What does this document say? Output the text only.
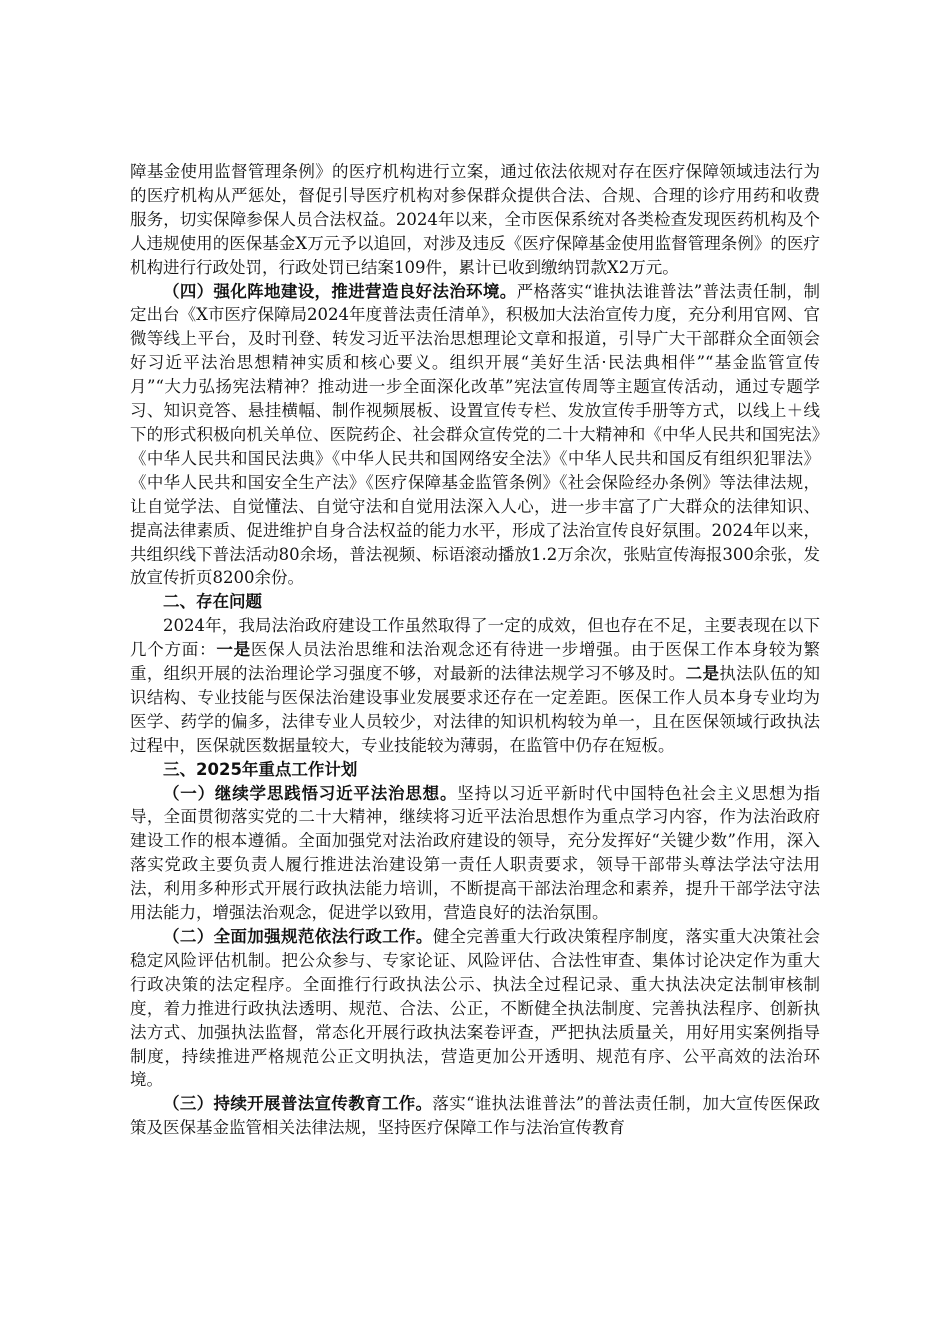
障基金使用监督管理条例》的医疗机构进行立案，通过依法依规对存在医疗保障领域违法行为的医疗机构从严惩处，督促引导医疗机构对参保群众提供合法、合规、合理的诊疗用药和收费服务，切实保障参保人员合法权益。2024年以来，全市医保系统对各类检查发现医药机构及个人违规使用的医保基金X万元予以追回，对涉及违反《医疗保障基金使用监督管理条例》的医疗机构进行行政处罚，行政处罚已结案109件，累计已收到缴纳罚款X2万元。

（四）强化阵地建设，推进营造良好法治环境。严格落实“谁执法谁普法”普法责任制，制定出台《X市医疗保障局2024年度普法责任清单》，积极加大法治宣传力度，充分利用官网、官微等线上平台，及时刊登、转发习近平法治思想理论文章和报道，引导广大干部群众全面领会好习近平法治思想精神实质和核心要义。组织开展“美好生活·民法典相伴”“基金监管宣传月”“大力弘扬宪法精神？推动进一步全面深化改革”宪法宣传周等主题宣传活动，通过专题学习、知识竞答、悬挂横幅、制作视频展板、设置宣传专栏、发放宣传手册等方式，以线上＋线下的形式积极向机关单位、医院药企、社会群众宣传党的二十大精神和《中华人民共和国宪法》《中华人民共和国民法典》《中华人民共和国网络安全法》《中华人民共和国反有组织犯罪法》《中华人民共和国安全生产法》《医疗保障基金监管条例》《社会保险经办条例》等法律法规，让自觉学法、自觉懂法、自觉守法和自觉用法深入人心，进一步丰富了广大群众的法律知识、提高法律素质、促进维护自身合法权益的能力水平，形成了法治宣传良好氛围。2024年以来，共组织线下普法活动80余场，普法视频、标语滚动播放1.2万余次，张贴宣传海报300余张，发放宣传折页8200余份。

二、存在问题

2024年，我局法治政府建设工作虽然取得了一定的成效，但也存在不足，主要表现在以下几个方面：一是医保人员法治思维和法治观念还有待进一步增强。由于医保工作本身较为繁重，组织开展的法治理论学习强度不够，对最新的法律法规学习不够及时。二是执法队伍的知识结构、专业技能与医保法治建设事业发展要求还存在一定差距。医保工作人员本身专业均为医学、药学的偏多，法律专业人员较少，对法律的知识机构较为单一，且在医保领域行政执法过程中，医保就医数据量较大，专业技能较为薄弱，在监管中仍存在短板。

三、2025年重点工作计划

（一）继续学思践悟习近平法治思想。坚持以习近平新时代中国特色社会主义思想为指导，全面贯彻落实党的二十大精神，继续将习近平法治思想作为重点学习内容，作为法治政府建设工作的根本遵循。全面加强党对法治政府建设的领导，充分发挥好“关键少数”作用，深入落实党政主要负责人履行推进法治建设第一责任人职责要求，领导干部带头尊法学法守法用法，利用多种形式开展行政执法能力培训，不断提高干部法治理念和素养，提升干部学法守法用法能力，增强法治观念，促进学以致用，营造良好的法治氛围。

（二）全面加强规范依法行政工作。健全完善重大行政决策程序制度，落实重大决策社会稳定风险评估机制。把公众参与、专家论证、风险评估、合法性审查、集体讨论决定作为重大行政决策的法定程序。全面推行行政执法公示、执法全过程记录、重大执法决定法制审核制度，着力推进行政执法透明、规范、合法、公正，不断健全执法制度、完善执法程序、创新执法方式、加强执法监督，常态化开展行政执法案卷评查，严把执法质量关，用好用实案例指导制度，持续推进严格规范公正文明执法，营造更加公开透明、规范有序、公平高效的法治环境。

（三）持续开展普法宣传教育工作。落实“谁执法谁普法”的普法责任制，加大宣传医保政策及医保基金监管相关法律法规，坚持医疗保障工作与法治宣传教育
